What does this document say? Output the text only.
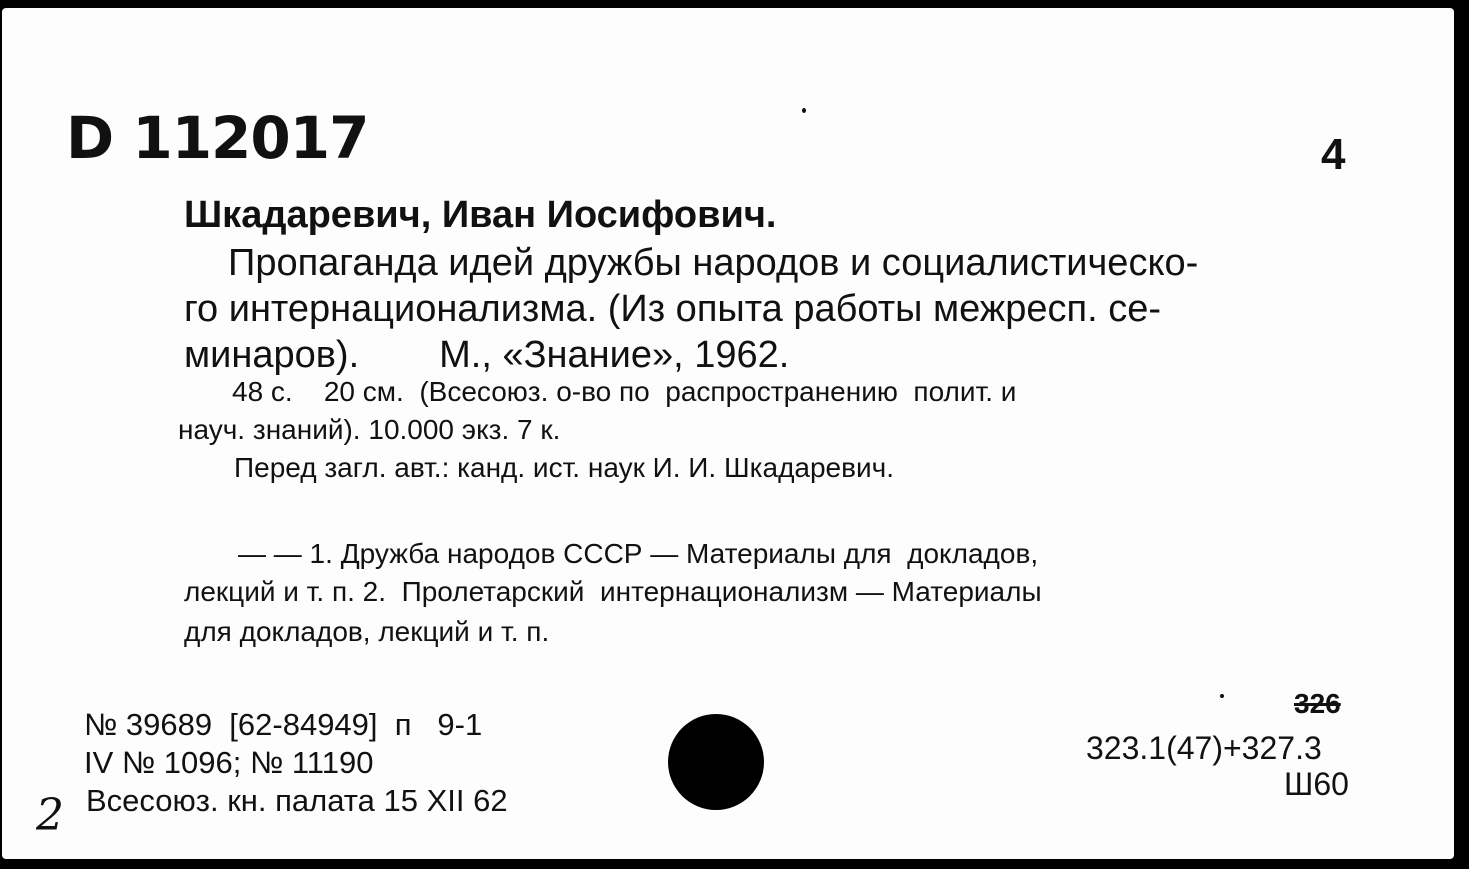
D 112017	4
Шкадаревич, Иван Иосифович.
Пропаганда идей дружбы народов и социалистическо-
го интернационализма. (Из опыта работы межресп. се-
минаров). М., «Знание», 1962.
48 с.    20 см.  (Всесоюз. о-во по  распространению  полит. и
науч. знаний). 10.000 экз. 7 к.
Перед загл. авт.: канд. ист. наук И. И. Шкадаревич.
— — 1. Дружба народов СССР — Материалы для  докладов,
лекций и т. п. 2.  Пролетарский  интернационализм — Материалы
для докладов, лекций и т. п.
№ 39689  [62-84949]  п   9-1
IV № 1096; № 11190
Всесоюз. кн. палата 15 XII 62
2
326
323.1(47)+327.3
Ш60
